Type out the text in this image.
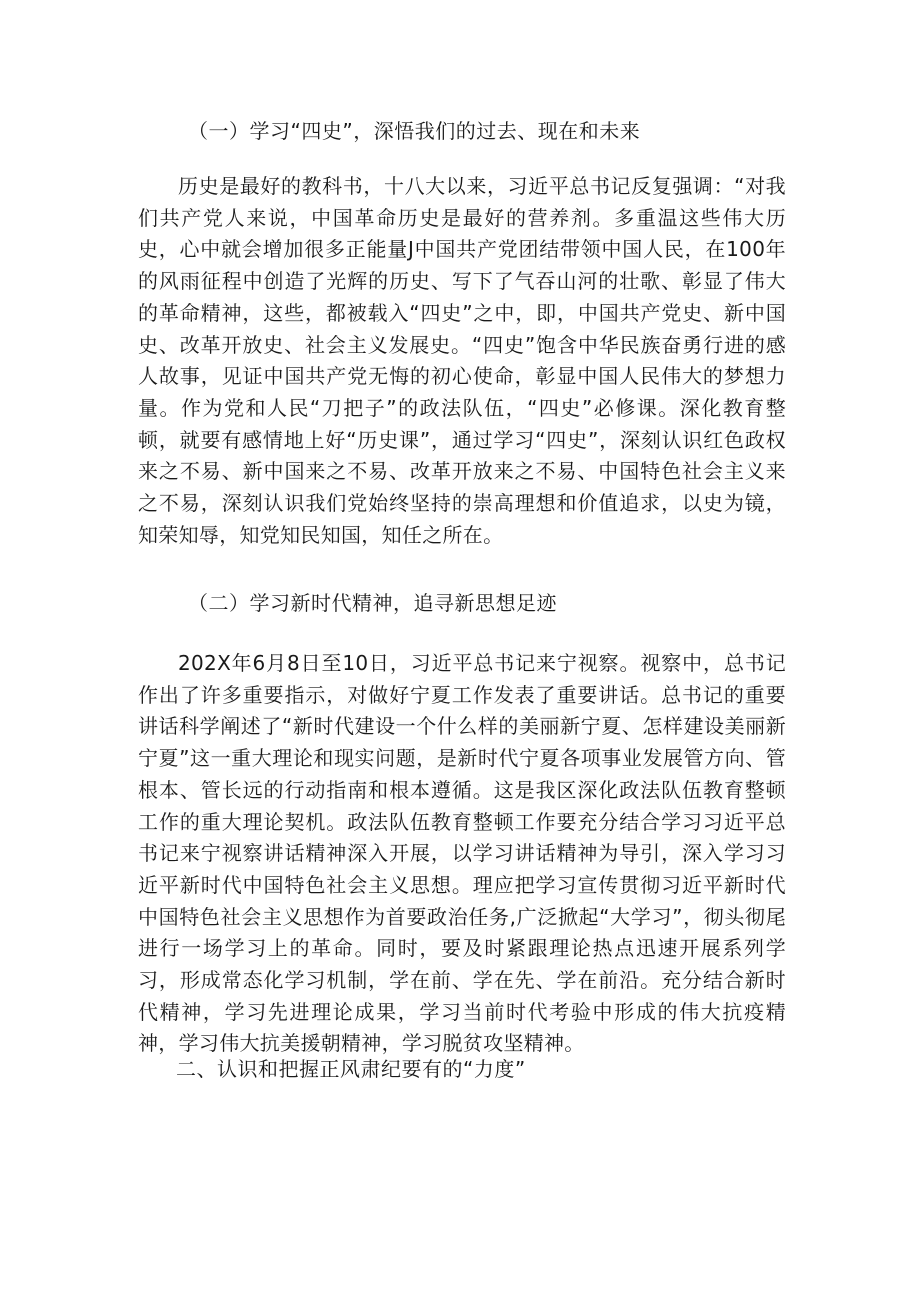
（一）学习“四史”，深悟我们的过去、现在和未来
历史是最好的教科书，十八大以来，习近平总书记反复强调：“对我们共产党人来说，中国革命历史是最好的营养剂。多重温这些伟大历史，心中就会增加很多正能量J中国共产党团结带领中国人民，在100年的风雨征程中创造了光辉的历史、写下了气吞山河的壮歌、彰显了伟大的革命精神，这些，都被载入“四史”之中，即，中国共产党史、新中国史、改革开放史、社会主义发展史。“四史”饱含中华民族奋勇行进的感人故事，见证中国共产党无悔的初心使命，彰显中国人民伟大的梦想力量。作为党和人民“刀把子”的政法队伍，“四史”必修课。深化教育整顿，就要有感情地上好“历史课”，通过学习“四史”，深刻认识红色政权来之不易、新中国来之不易、改革开放来之不易、中国特色社会主义来之不易，深刻认识我们党始终坚持的崇高理想和价值追求，以史为镜，知荣知辱，知党知民知国，知任之所在。
（二）学习新时代精神，追寻新思想足迹
202X年6月8日至10日，习近平总书记来宁视察。视察中，总书记作出了许多重要指示，对做好宁夏工作发表了重要讲话。总书记的重要讲话科学阐述了“新时代建设一个什么样的美丽新宁夏、怎样建设美丽新宁夏”这一重大理论和现实问题，是新时代宁夏各项事业发展管方向、管根本、管长远的行动指南和根本遵循。这是我区深化政法队伍教育整顿工作的重大理论契机。政法队伍教育整顿工作要充分结合学习习近平总书记来宁视察讲话精神深入开展，以学习讲话精神为导引，深入学习习近平新时代中国特色社会主义思想。理应把学习宣传贯彻习近平新时代中国特色社会主义思想作为首要政治任务,广泛掀起“大学习”，彻头彻尾进行一场学习上的革命。同时，要及时紧跟理论热点迅速开展系列学习，形成常态化学习机制，学在前、学在先、学在前沿。充分结合新时代精神，学习先进理论成果，学习当前时代考验中形成的伟大抗疫精神，学习伟大抗美援朝精神，学习脱贫攻坚精神。
二、认识和把握正风肃纪要有的“力度”
